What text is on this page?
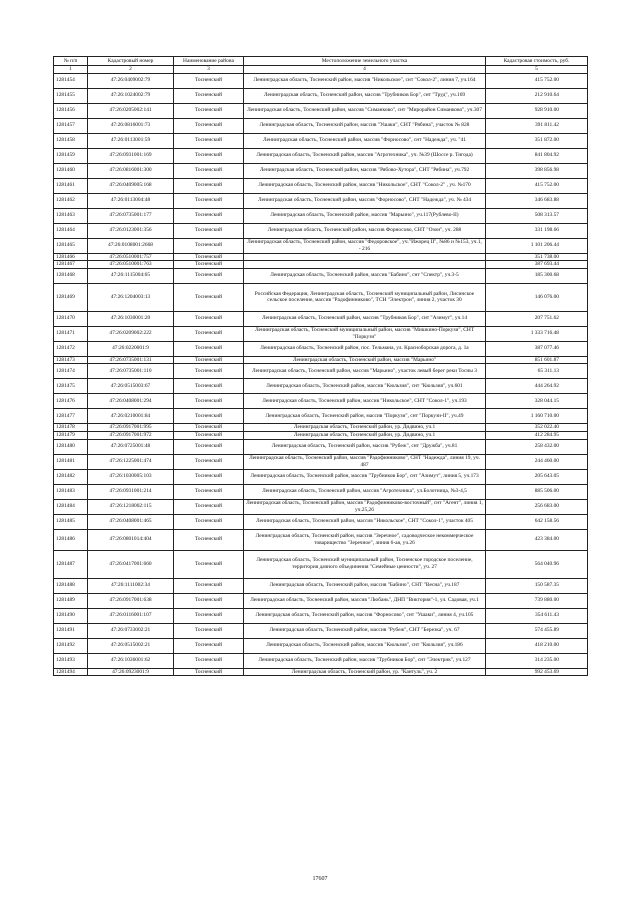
№ п/п	Кадастровый номер	Наименование района	Местоположение земельного участка	Кадастровая стоимость, руб.
1	2	3	4	5
1281454	47:26:0409002:79	Тосненский	Ленинградская область, Тосненский район, массив "Никольское", снт "Сокол-2", линия 7, уч.164	415 752.00
1281455	47:26:1024002:79	Тосненский	Ленинградская область, Тосненский район, массив "Трубников Бор", снт "Труд", уч.169	212 910.64
1281456	47:26:0205002:141	Тосненский	Ленинградская область, Тосненский район, массив "Симанково", снт "Мирорайон Симанково", уч.307	928 910.00
1281457	47:26:0816001:73	Тосненский	Ленинградская область, Тосненский район, массив "Ушаки", СНТ "Рябина", участок № 828	391 811.42
1281458	47:26:0113001:59	Тосненский	Ленинградская область, Тосненский район, массив "Форносово", снт "Надежда", уч. "41	351 872.00
1281459	47:26:0931001:169	Тосненский	Ленинградская область, Тосненский район, массив "Агротехника", уч. №39 (Шоссе р. Тигода)	841 804.92
1281460	47:26:0816001:300	Тосненский	Ленинградская область, Тосненский район, массив "Рябово-Хутора", СНТ "Рябина", уч.792	398 856.98
1281461	47:26:0409005:168	Тосненский	Ленинградская область, Тосненский район, массив "Никольское", СНТ "Сокол-2" , уч. №170	415 752.00
1281462	47:26:0113004:48	Тосненский	Ленинградская область, Тосненский район, массив "Форносово", СНТ "Надежда", уч. № 434	346 683.88
1281463	47:26:0735001:177	Тосненский	Ленинградская область, Тосненский район, массив "Марьино", уч.117(Рублево-II)	508 313.57
1281464	47:26:0123001:356	Тосненский	Ленинградская область, Тосненский район, массив Форносово, СНТ "Озон", уч. 288	331 198.66
1281465	47:26:0108001:2668	Тосненский	Ленинградская область, Тосненский район, массив "Федоровское", уч."Ижорец II", №86 и №153, уч.1, - 216	1 101 206.44
1281466	47:26:0510001:757	Тосненский		351 738.00
1281467	47:26:0510001:763	Тосненский		387 693.44
1281468	47:26:1115004:65	Тосненский	Ленинградская область, Тосненский район, массив "Бабино", снт "Спектр", уч.3-5	185 300.68
1281469	47:26:1204003:13	Тосненский	Российская Федерация, Ленинградская область, Тосненский муниципальный район, Лисинское сельское поселение, массив "Радофинниково", ТСН "Электрон", линия 2, участок 30	146 076.00
1281470	47:26:1030001:20	Тосненский	Ленинградская область, Тосненский район, массив "Трубников Бор", снт "Азимут", уч.14	207 751.62
1281471	47:26:0209002:222	Тосненский	Ленинградская область, Тосненский муниципальный район, массив "Мишкино-Поркузи", СНТ "Поркузи"	1 333 716.48
1281472	47:26:0220001:9	Тосненский	Ленинградская область, Тосненский район, пос. Тельмана, ул. Красноборская дорога, д. 1а	387 077.46
1281473	47:26:0735001:131	Тосненский	Ленинградская область, Тосненский район, массив "Марьино"	851 601.87
1281474	47:26:0735001:110	Тосненский	Ленинградская область, Тосненский район, массив "Марьино", участок левый берег реки Тосны 3	65 311.13
1281475	47:26:0515003:67	Тосненский	Ленинградская область, Тосненский район, массив "Кюльзия", снт "Кюльзия", уч.601	444 264.92
1281476	47:26:0408001:294	Тосненский	Ленинградская область, Тосненский район, массив "Никольское", СНТ "Сокол-1", уч.193	328 044.15
1281477	47:26:0210001:84	Тосненский	Ленинградская область, Тосненский район, массив "Поркузи", снт "Поркузи-II", уч.49	1 160 710.00
1281478	47:26:0917001:995	Тосненский	Ленинградская область, Тосненский район, ур. Дидвино, уч.1	352 022.40
1281479	47:26:0917001:972	Тосненский	Ленинградская область, Тосненский район, ур. Дидвино, уч.1	412 284.95
1281480	47:26:0725001:48	Тосненский	Ленинградская область, Тосненский район, массив "Рубеж", снт "Дружба", уч.81	258 432.00
1281481	47:26:1225001:474	Тосненский	Ленинградская область, Тосненский район, массив "Радофинниково", СНТ "Надежда", линия 19, уч. 487	244 460.00
1281482	47:26:1030005:103	Тосненский	Ленинградская область, Тосненский район, массив "Трубников Бор", снт "Азимут", линия 5, уч.173	205 643.05
1281483	47:26:0931001:214	Тосненский	Ленинградская область, Тосненский район, массив "Агротехника", ул.Болотница, №3-4,5	885 506.00
1281484	47:26:1218002:115	Тосненский	Ленинградская область, Тосненский район, массив "Радофинниково-восточный", снт "Агент", линия 1, уч.25,26	256 683.00
1281485	47:26:0408001:465	Тосненский	Ленинградская область, Тосненский район, массив "Никольское", СНТ "Сокол-1", участок 405	642 158.56
1281486	47:26:0801014:404	Тосненский	Ленинградская область, Тосненский район, массив "Зеречное", садоводческое некоммерческое товарищество "Зеречное", линия 6-ая, уч.26	423 384.00
1281487	47:26:0417001:660	Тосненский	Ленинградская область, Тосненский муниципальный район, Тосненское городское поселение, территория дачного объединения "Семейные ценности", уч. 27	564 040.96
1281488	47:26:1111002:34	Тосненский	Ленинградская область, Тосненский район, массив "Бабино", СНТ "Весна", уч.187	150 587.35
1281489	47:26:0917001:638	Тосненский	Ленинградская область, Тосненский район, массив "Любань", ДНП "Виктория"-1, ул. Садовая, уч.1	739 880.00
1281490	47:26:0116001:107	Тосненский	Ленинградская область, Тосненский район, массив "Форносово", снт "Ушаки", линия 4, уч.105	354 611.43
1281491	47:26:0733002:21	Тосненский	Ленинградская область, Тосненский район, массив "Рубеж", СНТ "Березка", уч. 67	574 455.89
1281492	47:26:0515002:21	Тосненский	Ленинградская область, Тосненский район, массив "Кюльзия", снт "Кюльзия", уч.186	418 210.00
1281493	47:26:1036001:62	Тосненский	Ленинградская область, Тосненский район, массив "Трубников Бор", снт "Электрик", уч.127	314 235.00
1281494	47:26:0923001:9	Тосненский	Ленинградская область, Тосненский район, ур. "Кантуль", уч. 2	992 453.69
17607
